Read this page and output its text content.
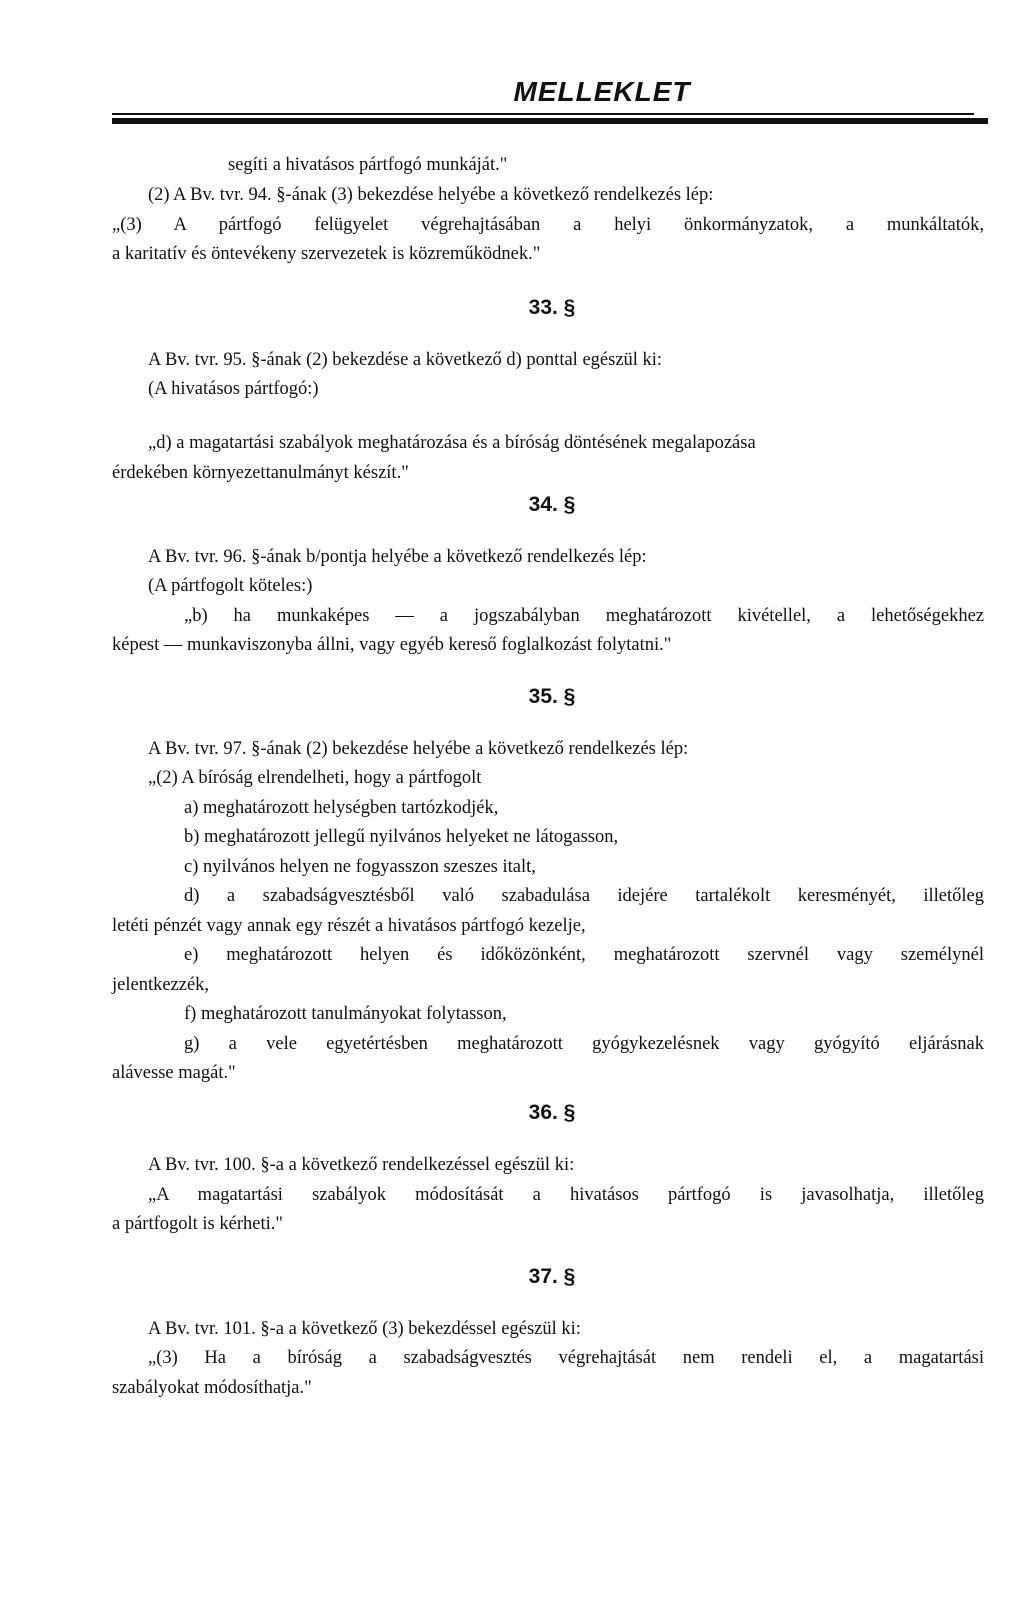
MELLEKLET
segíti a hivatásos pártfogó munkáját."
(2) A Bv. tvr. 94. §-ának (3) bekezdése helyébe a következő rendelkezés lép:
„(3) A pártfogó felügyelet végrehajtásában a helyi önkormányzatok, a munkáltatók,
a karitatív és öntevékeny szervezetek is közreműködnek."
33. §
A Bv. tvr. 95. §-ának (2) bekezdése a következő d) ponttal egészül ki:
(A hivatásos pártfogó:)
„d) a magatartási szabályok meghatározása és a bíróság döntésének megalapozása
érdekében környezettanulmányt készít."
34. §
A Bv. tvr. 96. §-ának b/pontja helyébe a következő rendelkezés lép:
(A pártfogolt köteles:)
„b) ha munkaképes — a jogszabályban meghatározott kivétellel, a lehetőségekhez
képest — munkaviszonyba állni, vagy egyéb kereső foglalkozást folytatni."
35. §
A Bv. tvr. 97. §-ának (2) bekezdése helyébe a következő rendelkezés lép:
„(2) A bíróság elrendelheti, hogy a pártfogolt
a) meghatározott helységben tartózkodjék,
b) meghatározott jellegű nyilvános helyeket ne látogasson,
c) nyilvános helyen ne fogyasszon szeszes italt,
d) a szabadságvesztésből való szabadulása idejére tartalékolt keresményét, illetőleg
letéti pénzét vagy annak egy részét a hivatásos pártfogó kezelje,
e) meghatározott helyen és időközönként, meghatározott szervnél vagy személynél
jelentkezzék,
f) meghatározott tanulmányokat folytasson,
g) a vele egyetértésben meghatározott gyógykezelésnek vagy gyógyító eljárásnak
alávesse magát."
36. §
A Bv. tvr. 100. §-a a következő rendelkezéssel egészül ki:
„A magatartási szabályok módosítását a hivatásos pártfogó is javasolhatja, illetőleg
a pártfogolt is kérheti."
37. §
A Bv. tvr. 101. §-a a következő (3) bekezdéssel egészül ki:
„(3) Ha a bíróság a szabadságvesztés végrehajtását nem rendeli el, a magatartási
szabályokat módosíthatja."
